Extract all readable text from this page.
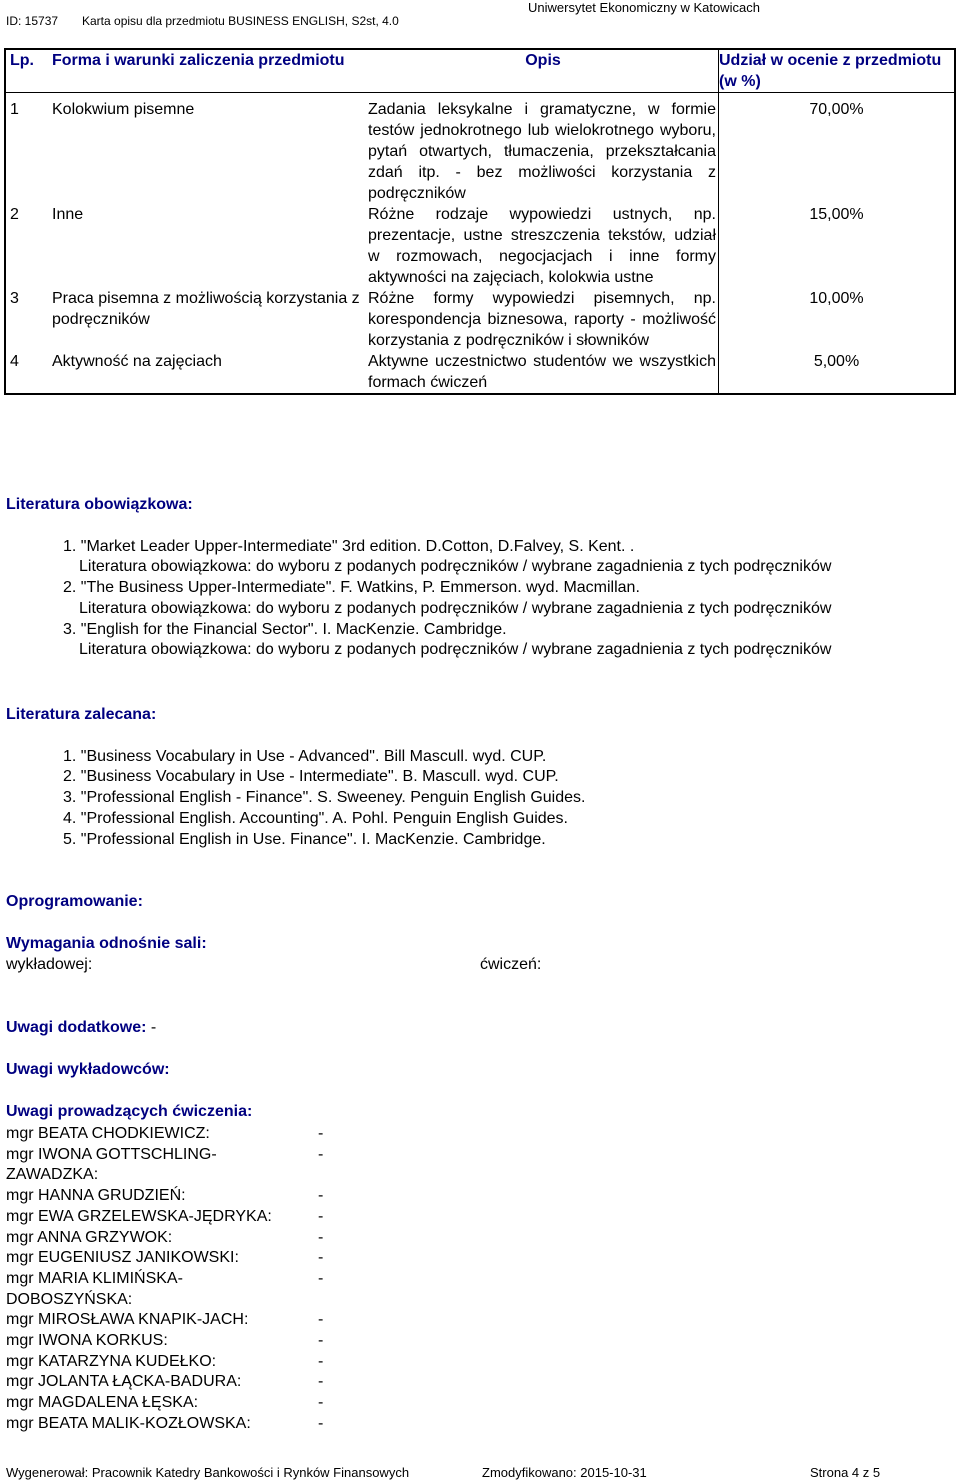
Uniwersytet Ekonomiczny w Katowicach
ID: 15737 Karta opisu dla przedmiotu BUSINESS ENGLISH, S2st, 4.0
Lp.	Forma i warunki zaliczenia przedmiotu	Opis	Udział w ocenie z przedmiotu (w %)
1	Kolokwium pisemne	Zadania leksykalne i gramatyczne, w formie testów jednokrotnego lub wielokrotnego wyboru, pytań otwartych, tłumaczenia, przekształcania zdań itp. - bez możliwości korzystania z podręczników	70,00%
2	Inne	Różne rodzaje wypowiedzi ustnych, np. prezentacje, ustne streszczenia tekstów, udział w rozmowach, negocjacjach i inne formy aktywności na zajęciach, kolokwia ustne	15,00%
3	Praca pisemna z możliwością korzystania z podręczników	Różne formy wypowiedzi pisemnych, np. korespondencja biznesowa, raporty - możliwość korzystania z podręczników i słowników	10,00%
4	Aktywność na zajęciach	Aktywne uczestnictwo studentów we wszystkich formach ćwiczeń	5,00%
Literatura obowiązkowa:
1. "Market Leader Upper-Intermediate" 3rd edition. D.Cotton, D.Falvey, S. Kent. .
Literatura obowiązkowa: do wyboru z podanych podręczników / wybrane zagadnienia z tych podręczników
2. "The Business Upper-Intermediate". F. Watkins, P. Emmerson. wyd. Macmillan.
Literatura obowiązkowa: do wyboru z podanych podręczników / wybrane zagadnienia z tych podręczników
3. "English for the Financial Sector". I. MacKenzie. Cambridge.
Literatura obowiązkowa: do wyboru z podanych podręczników / wybrane zagadnienia z tych podręczników
Literatura zalecana:
1. "Business Vocabulary in Use - Advanced". Bill Mascull. wyd. CUP.
2. "Business Vocabulary in Use - Intermediate". B. Mascull. wyd. CUP.
3. "Professional English - Finance". S. Sweeney. Penguin English Guides.
4. "Professional English. Accounting". A. Pohl. Penguin English Guides.
5. "Professional English in Use. Finance". I. MacKenzie. Cambridge.
Oprogramowanie:
Wymagania odnośnie sali:
wykładowej:	ćwiczeń:
Uwagi dodatkowe: -
Uwagi wykładowców:
Uwagi prowadzących ćwiczenia:
mgr BEATA CHODKIEWICZ:	-
mgr IWONA GOTTSCHLING-	-
ZAWADZKA:
mgr HANNA GRUDZIEŃ:	-
mgr EWA GRZELEWSKA-JĘDRYKA:	-
mgr ANNA GRZYWOK:	-
mgr EUGENIUSZ JANIKOWSKI:	-
mgr MARIA KLIMIŃSKA-	-
DOBOSZYŃSKA:
mgr MIROSŁAWA KNAPIK-JACH:	-
mgr IWONA KORKUS:	-
mgr KATARZYNA KUDEŁKO:	-
mgr JOLANTA ŁĄCKA-BADURA:	-
mgr MAGDALENA ŁĘSKA:	-
mgr BEATA MALIK-KOZŁOWSKA:	-
Wygenerował: Pracownik Katedry Bankowości i Rynków Finansowych	Zmodyfikowano: 2015-10-31	Strona 4 z 5
